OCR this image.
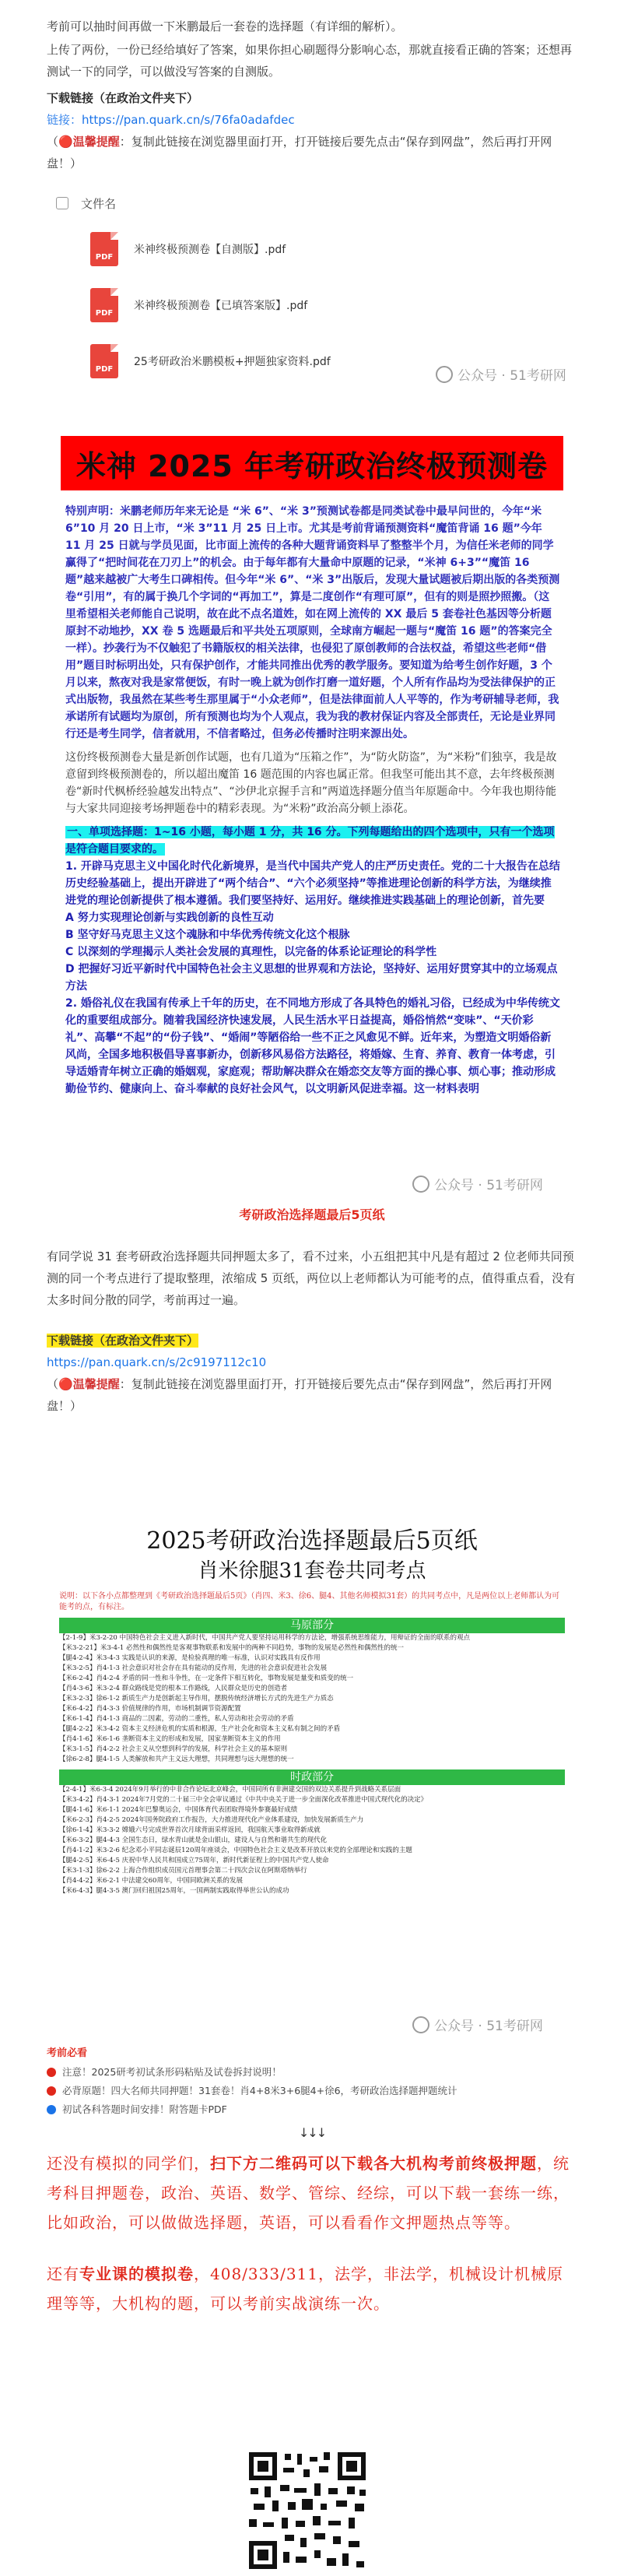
考前可以抽时间再做一下米鹏最后一套卷的选择题（有详细的解析）。

上传了两份，一份已经给填好了答案，如果你担心刷题得分影响心态，那就直接看正确的答案；还想再测试一下的同学，可以做没写答案的自测版。

下载链接（在政治文件夹下）

链接：https://pan.quark.cn/s/76fa0adafdec

（🔴温馨提醒：复制此链接在浏览器里面打开，打开链接后要先点击“保存到网盘”，然后再打开网盘！）

文件名
PDF
米神终极预测卷【自测版】.pdf
PDF
米神终极预测卷【已填答案版】.pdf
PDF
25考研政治米鹏模板+押题独家资料.pdf
公众号 · 51考研网
米神 2025 年考研政治终极预测卷

特别声明：米鹏老师历年来无论是 “米 6”、“米 3”预测试卷都是同类试卷中最早问世的，今年“米 6”10 月 20 日上市，“米 3”11 月 25 日上市。尤其是考前背诵预测资料“魔笛背诵 16 题”今年 11 月 25 日就与学员见面，比市面上流传的各种大题背诵资料早了整整半个月，为信任米老师的同学赢得了“把时间花在刀刃上”的机会。由于每年都有大量命中原题的记录，“米神 6+3”“魔笛 16 题”越来越被广大考生口碑相传。但今年“米 6”、“米 3”出版后，发现大量试题被后期出版的各类预测卷“引用”，有的属于换几个字词的“再加工”，算是二度创作“有理可原”，但有的则是照抄照搬。（这里希望相关老师能自己说明，故在此不点名道姓，如在网上流传的 XX 最后 5 套卷社色基因等分析题原封不动地抄，XX 卷 5 选题最后和平共处五项原则，全球南方崛起一题与“魔笛 16 题”的答案完全一样）。抄袭行为不仅触犯了书籍版权的相关法律，也侵犯了原创教师的合法权益，希望这些老师“借用”题目时标明出处，只有保护创作，才能共同推出优秀的教学服务。要知道为给考生创作好题，3 个月以来，熬夜对我是家常便饭，有时一晚上就为创作打磨一道好题，个人所有作品均为受法律保护的正式出版物，我虽然在某些考生那里属于“小众老师”，但是法律面前人人平等的，作为考研辅导老师，我承诺所有试题均为原创，所有预测也均为个人观点，我为我的教材保证内容及全部责任，无论是业界同行还是考生同学，信者就用，不信者略过，但务必传播时注明来源出处。

这份终极预测卷大量是新创作试题，也有几道为“压箱之作”，为“防火防盗”，为“米粉”们独享，我是故意留到终极预测卷的，所以超出魔笛 16 题范围的内容也属正常。但我坚可能出其不意，去年终极预测卷“新时代枫桥经验越发出特点”、“沙伊北京握手言和”两道选择题分值当年原题命中。今年我也期待能与大家共同迎接考场押题卷中的精彩表现。为“米粉”政治高分顿上添花。

一、单项选择题：1~16 小题，每小题 1 分，共 16 分。下列每题给出的四个选项中，只有一个选项是符合题目要求的。

1. 开辟马克思主义中国化时代化新境界，是当代中国共产党人的庄严历史责任。党的二十大报告在总结历史经验基础上，提出开辟进了“两个结合”、“六个必须坚持”等推进理论创新的科学方法，为继续推进党的理论创新提供了根本遵循。我们要坚持好、运用好。继续推进实践基础上的理论创新，首先要

A 努力实现理论创新与实践创新的良性互动

B 坚守好马克思主义这个魂脉和中华优秀传统文化这个根脉

C 以深刻的学理揭示人类社会发展的真理性，以完备的体系论证理论的科学性

D 把握好习近平新时代中国特色社会主义思想的世界观和方法论，坚持好、运用好贯穿其中的立场观点方法

2. 婚俗礼仪在我国有传承上千年的历史，在不同地方形成了各具特色的婚礼习俗，已经成为中华传统文化的重要组成部分。随着我国经济快速发展，人民生活水平日益提高，婚俗悄然“变味”、“天价彩礼”、高攀“不起”的“份子钱”、“婚闹”等陋俗给一些不正之风愈见不鲜。近年来，为塑造文明婚俗新风尚，全国多地积极倡导喜事新办，创新移风易俗方法路径，将婚嫁、生育、养育、教育一体考虑，引导适婚青年树立正确的婚姻观，家庭观；帮助解决群众在婚恋交友等方面的操心事、烦心事；推动形成勤俭节约、健康向上、奋斗奉献的良好社会风气，以文明新风促进幸福。这一材料表明

公众号 · 51考研网

考研政治选择题最后5页纸

有同学说 31 套考研政治选择题共同押题太多了，看不过来，小五组把其中凡是有超过 2 位老师共同预测的同一个考点进行了提取整理，浓缩成 5 页纸，两位以上老师都认为可能考的点，值得重点看，没有太多时间分散的同学，考前再过一遍。

下载链接（在政治文件夹下）

https://pan.quark.cn/s/2c9197112c10

（🔴温馨提醒：复制此链接在浏览器里面打开，打开链接后要先点击“保存到网盘”，然后再打开网盘！）

2025考研政治选择题最后5页纸
肖米徐腿31套卷共同考点
说明：以下各小点都整理到《考研政治选择题最后5页》（肖四、米3、徐6、腿4、其他名师模拟31套）的共同考点中，凡是两位以上老师都认为可能考的点，有标注。
马原部分
【2-1-9】米3-2-20 中国特色社会主义进入新时代，中国共产党人要坚持运用科学的方法论，增强系统思维能力，用辩证的全面的联系的观点
【米3-2-21】米3-4-1 必然性和偶然性是客观事物联系和发展中的两种不同趋势，事物的发展是必然性和偶然性的统一
【腿4-2-4】米3-4-3 实践是认识的来源，是检验真理的唯一标准，认识对实践具有反作用
【米3-2-5】肖4-1-3 社会意识对社会存在具有能动的反作用，先进的社会意识促进社会发展
【米6-2-4】肖4-2-4 矛盾的同一性和斗争性，在一定条件下相互转化，事物发展是量变和质变的统一
【肖4-3-6】米3-2-4 群众路线是党的根本工作路线，人民群众是历史的创造者
【米3-2-3】徐6-1-2 新质生产力是创新起主导作用，摆脱传统经济增长方式的先进生产力质态
【米6-4-2】肖4-3-3 价值规律的作用，市场机制调节资源配置
【米6-1-4】肖4-1-3 商品的二因素，劳动的二重性，私人劳动和社会劳动的矛盾
【腿4-2-2】米3-4-2 资本主义经济危机的实质和根源，生产社会化和资本主义私有制之间的矛盾
【肖4-1-6】米6-1-6 垄断资本主义的形成和发展，国家垄断资本主义的作用
【米3-1-5】肖4-2-2 社会主义从空想到科学的发展，科学社会主义的基本原则
【徐6-2-8】腿4-1-5 人类解放和共产主义远大理想，共同理想与远大理想的统一
时政部分
【2-4-1】米6-3-4 2024年9月举行的中非合作论坛北京峰会，中国同所有非洲建交国的双边关系提升到战略关系层面
【米3-4-2】肖4-3-1 2024年7月党的二十届三中全会审议通过《中共中央关于进一步全面深化改革推进中国式现代化的决定》
【腿4-1-6】米6-1-1 2024年巴黎奥运会，中国体育代表团取得境外参赛最好成绩
【米6-2-3】肖4-2-5 2024年国务院政府工作报告，大力推进现代化产业体系建设，加快发展新质生产力
【徐6-1-4】米3-3-2 嫦娥六号完成世界首次月球背面采样返回，我国航天事业取得新成就
【米6-3-2】腿4-4-3 全国生态日，绿水青山就是金山银山，建设人与自然和谐共生的现代化
【肖4-1-2】米3-2-6 纪念邓小平同志诞辰120周年座谈会，中国特色社会主义是改革开放以来党的全部理论和实践的主题
【腿4-2-5】米6-4-5 庆祝中华人民共和国成立75周年，新时代新征程上的中国共产党人使命
【米3-1-3】徐6-2-2 上海合作组织成员国元首理事会第二十四次会议在阿斯塔纳举行
【肖4-4-2】米6-2-1 中法建交60周年，中国同欧洲关系的发展
【米6-4-3】腿4-3-5 澳门回归祖国25周年，一国两制实践取得举世公认的成功
公众号 · 51考研网
考前必看
注意！2025研考初试条形码粘贴及试卷拆封说明！
必背原题！四大名师共同押题！31套卷！肖4+8米3+6腿4+徐6，考研政治选择题押题统计
初试各科答题时间安排！附答题卡PDF
↓↓↓

还没有模拟的同学们，扫下方二维码可以下载各大机构考前终极押题，统考科目押题卷，政治、英语、数学、管综、经综，可以下载一套练一练，比如政治，可以做做选择题，英语，可以看看作文押题热点等等。

还有专业课的模拟卷，408/333/311，法学，非法学，机械设计机械原理等等，大机构的题，可以考前实战演练一次。
